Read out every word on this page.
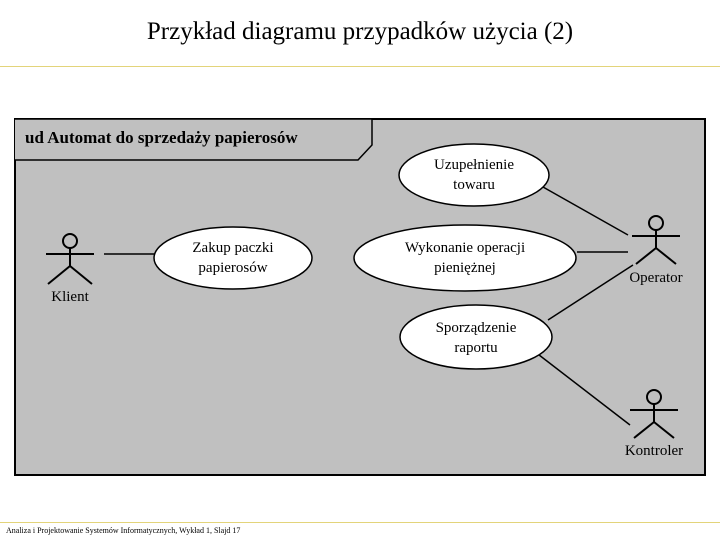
Przykład diagramu przypadków użycia (2)
ud Automat do sprzedaży papierosów
Uzupełnienie towaru
Zakup paczki papierosów
Wykonanie operacji pieniężnej
Sporządzenie raportu
Klient
Operator
Kontroler
Analiza i Projektowanie Systemów Informatycznych, Wykład 1, Slajd 17
